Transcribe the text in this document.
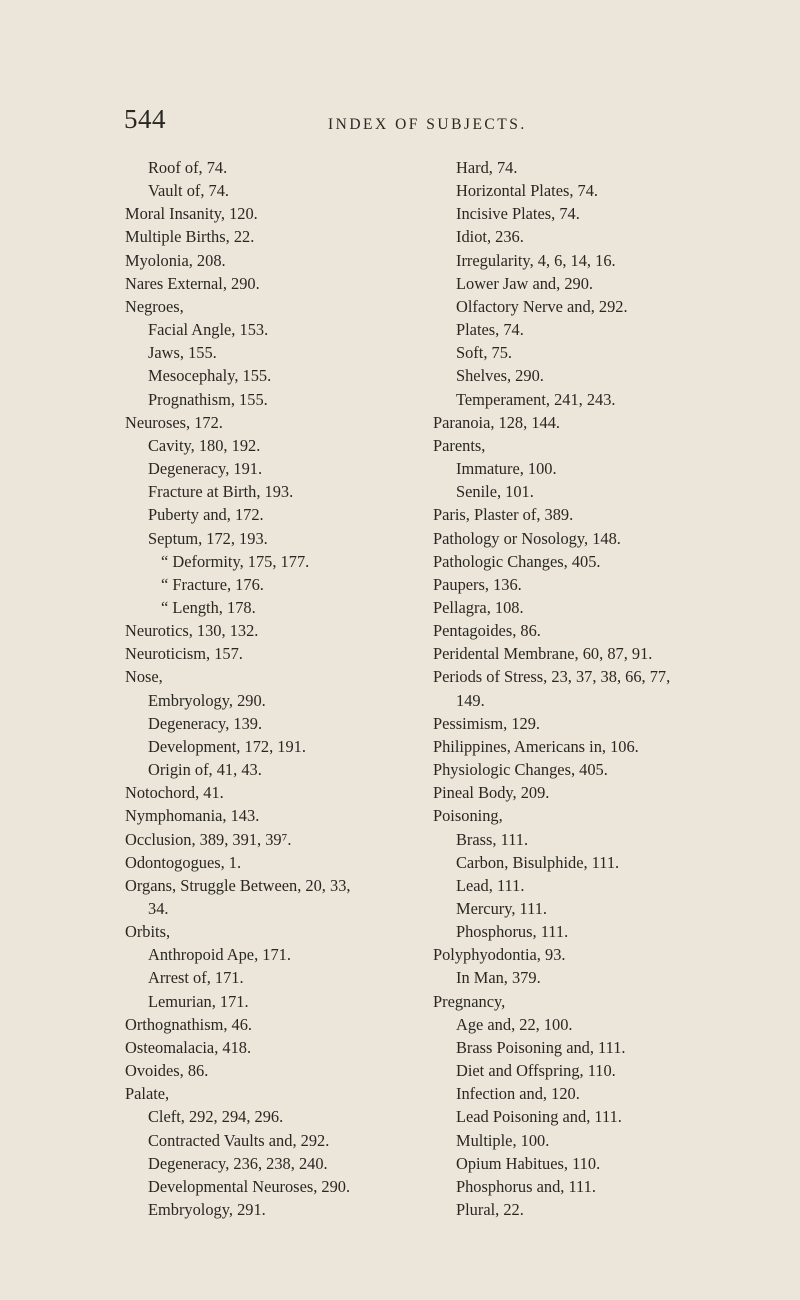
544	INDEX OF SUBJECTS.
Roof of, 74.
Vault of, 74.
Moral Insanity, 120.
Multiple Births, 22.
Myolonia, 208.
Nares External, 290.
Negroes,
Facial Angle, 153.
Jaws, 155.
Mesocephaly, 155.
Prognathism, 155.
Neuroses, 172.
Cavity, 180, 192.
Degeneracy, 191.
Fracture at Birth, 193.
Puberty and, 172.
Septum, 172, 193.
“ Deformity, 175, 177.
“ Fracture, 176.
“ Length, 178.
Neurotics, 130, 132.
Neuroticism, 157.
Nose,
Embryology, 290.
Degeneracy, 139.
Development, 172, 191.
Origin of, 41, 43.
Notochord, 41.
Nymphomania, 143.
Occlusion, 389, 391, 39⁷.
Odontogogues, 1.
Organs, Struggle Between, 20, 33,
34.
Orbits,
Anthropoid Ape, 171.
Arrest of, 171.
Lemurian, 171.
Orthognathism, 46.
Osteomalacia, 418.
Ovoides, 86.
Palate,
Cleft, 292, 294, 296.
Contracted Vaults and, 292.
Degeneracy, 236, 238, 240.
Developmental Neuroses, 290.
Embryology, 291.
Hard, 74.
Horizontal Plates, 74.
Incisive Plates, 74.
Idiot, 236.
Irregularity, 4, 6, 14, 16.
Lower Jaw and, 290.
Olfactory Nerve and, 292.
Plates, 74.
Soft, 75.
Shelves, 290.
Temperament, 241, 243.
Paranoia, 128, 144.
Parents,
Immature, 100.
Senile, 101.
Paris, Plaster of, 389.
Pathology or Nosology, 148.
Pathologic Changes, 405.
Paupers, 136.
Pellagra, 108.
Pentagoides, 86.
Peridental Membrane, 60, 87, 91.
Periods of Stress, 23, 37, 38, 66, 77,
149.
Pessimism, 129.
Philippines, Americans in, 106.
Physiologic Changes, 405.
Pineal Body, 209.
Poisoning,
Brass, 111.
Carbon, Bisulphide, 111.
Lead, 111.
Mercury, 111.
Phosphorus, 111.
Polyphyodontia, 93.
In Man, 379.
Pregnancy,
Age and, 22, 100.
Brass Poisoning and, 111.
Diet and Offspring, 110.
Infection and, 120.
Lead Poisoning and, 111.
Multiple, 100.
Opium Habitues, 110.
Phosphorus and, 111.
Plural, 22.
